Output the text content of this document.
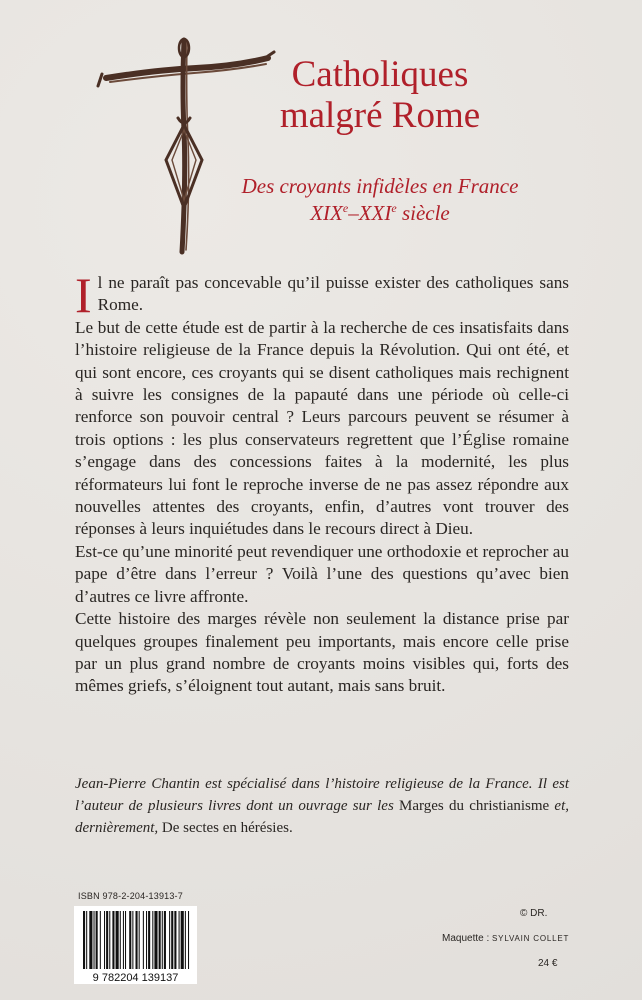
Catholiques
malgré Rome
Des croyants infidèles en France
XIXe–XXIe siècle

Il ne paraît pas concevable qu’il puisse exister des catholiques sans Rome.

Le but de cette étude est de partir à la recherche de ces insatisfaits dans l’histoire religieuse de la France depuis la Révolution. Qui ont été, et qui sont encore, ces croyants qui se disent catholiques mais rechignent à suivre les consignes de la papauté dans une période où celle-ci renforce son pouvoir central ? Leurs parcours peuvent se résumer à trois options : les plus conservateurs regrettent que l’Église romaine s’engage dans des concessions faites à la modernité, les plus réformateurs lui font le reproche inverse de ne pas assez répondre aux nouvelles attentes des croyants, enfin, d’autres vont trouver des réponses à leurs inquiétudes dans le recours direct à Dieu.

Est-ce qu’une minorité peut revendiquer une orthodoxie et reprocher au pape d’être dans l’erreur ? Voilà l’une des questions qu’avec bien d’autres ce livre affronte.

Cette histoire des marges révèle non seulement la distance prise par quelques groupes finalement peu importants, mais encore celle prise par un plus grand nombre de croyants moins visibles qui, forts des mêmes griefs, s’éloignent tout autant, mais sans bruit.

Jean-Pierre Chantin est spécialisé dans l’histoire religieuse de la France. Il est l’auteur de plusieurs livres dont un ouvrage sur les Marges du christianisme et, dernièrement, De sectes en hérésies.
ISBN 978-2-204-13913-7
9 782204 139137
© DR.
Maquette : SYLVAIN COLLET
24 €
